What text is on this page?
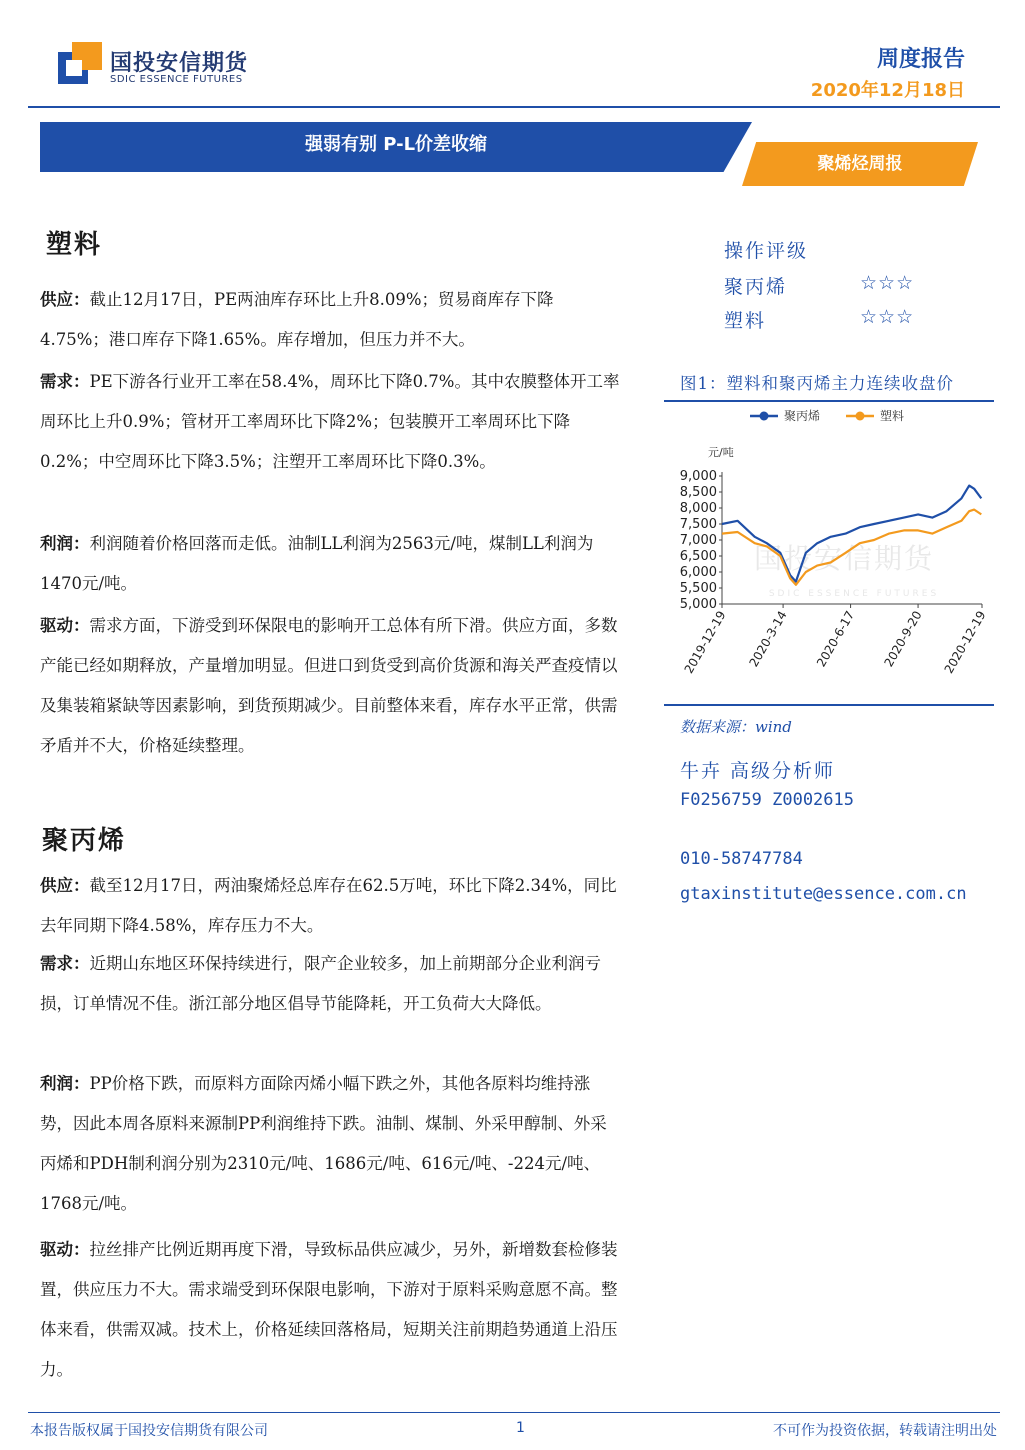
国投安信期货
SDIC ESSENCE FUTURES
周度报告
2020年12月18日
强弱有别 P-L价差收缩
聚烯烃周报
塑料
供应：截止12月17日，PE两油库存环比上升8.09%；贸易商库存下降4.75%；港口库存下降1.65%。库存增加，但压力并不大。
需求：PE下游各行业开工率在58.4%，周环比下降0.7%。其中农膜整体开工率周环比上升0.9%；管材开工率周环比下降2%；包装膜开工率周环比下降0.2%；中空周环比下降3.5%；注塑开工率周环比下降0.3%。
利润：利润随着价格回落而走低。油制LL利润为2563元/吨，煤制LL利润为1470元/吨。
驱动：需求方面，下游受到环保限电的影响开工总体有所下滑。供应方面，多数产能已经如期释放，产量增加明显。但进口到货受到高价货源和海关严查疫情以及集装箱紧缺等因素影响，到货预期减少。目前整体来看，库存水平正常，供需矛盾并不大，价格延续整理。
聚丙烯
供应：截至12月17日，两油聚烯烃总库存在62.5万吨，环比下降2.34%，同比去年同期下降4.58%，库存压力不大。
需求：近期山东地区环保持续进行，限产企业较多，加上前期部分企业利润亏损，订单情况不佳。浙江部分地区倡导节能降耗，开工负荷大大降低。
利润：PP价格下跌，而原料方面除丙烯小幅下跌之外，其他各原料均维持涨势，因此本周各原料来源制PP利润维持下跌。油制、煤制、外采甲醇制、外采丙烯和PDH制利润分别为2310元/吨、1686元/吨、616元/吨、-224元/吨、1768元/吨。
驱动：拉丝排产比例近期再度下滑，导致标品供应减少，另外，新增数套检修装置，供应压力不大。需求端受到环保限电影响，下游对于原料采购意愿不高。整体来看，供需双减。技术上，价格延续回落格局，短期关注前期趋势通道上沿压力。
操作评级
聚丙烯	☆☆☆
塑料	☆☆☆
图1：塑料和聚丙烯主力连续收盘价
聚丙烯	塑料
元/吨
国投安信期货
SDIC ESSENCE FUTURES
2019-12-19 2020-3-14 2020-6-17 2020-9-20 2020-12-19
5,000
5,500
6,000
6,500
7,000
7,500
8,000
8,500
9,000
数据来源：wind
牛卉 高级分析师
F0256759 Z0002615
010-58747784
gtaxinstitute@essence.com.cn
本报告版权属于国投安信期货有限公司	1	不可作为投资依据，转载请注明出处
